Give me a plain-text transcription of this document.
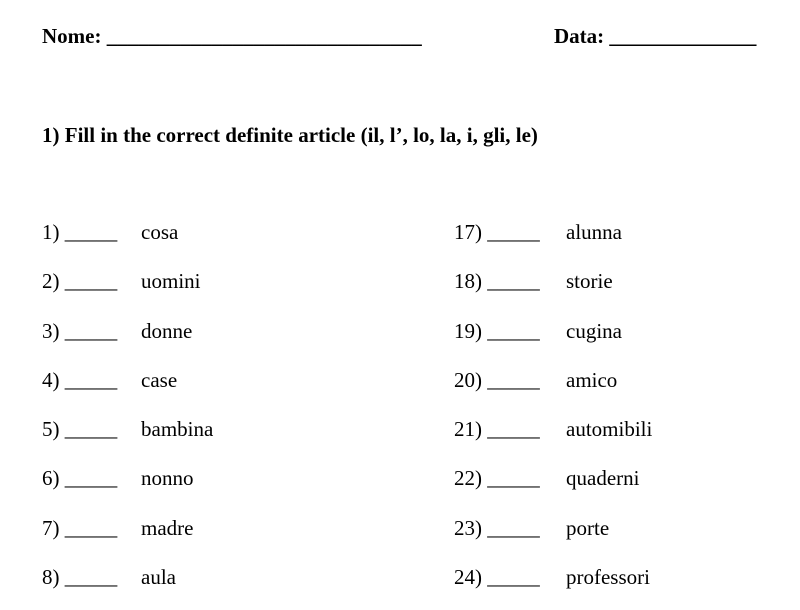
Nome: ______________________________	Data: ______________
1) Fill in the correct definite article (il, l’, lo, la, i, gli, le)
1) _____ cosa
2) _____ uomini
3) _____ donne
4) _____ case
5) _____ bambina
6) _____ nonno
7) _____ madre
8) _____ aula
17) _____ alunna
18) _____ storie
19) _____ cugina
20) _____ amico
21) _____ automibili
22) _____ quaderni
23) _____ porte
24) _____ professori
